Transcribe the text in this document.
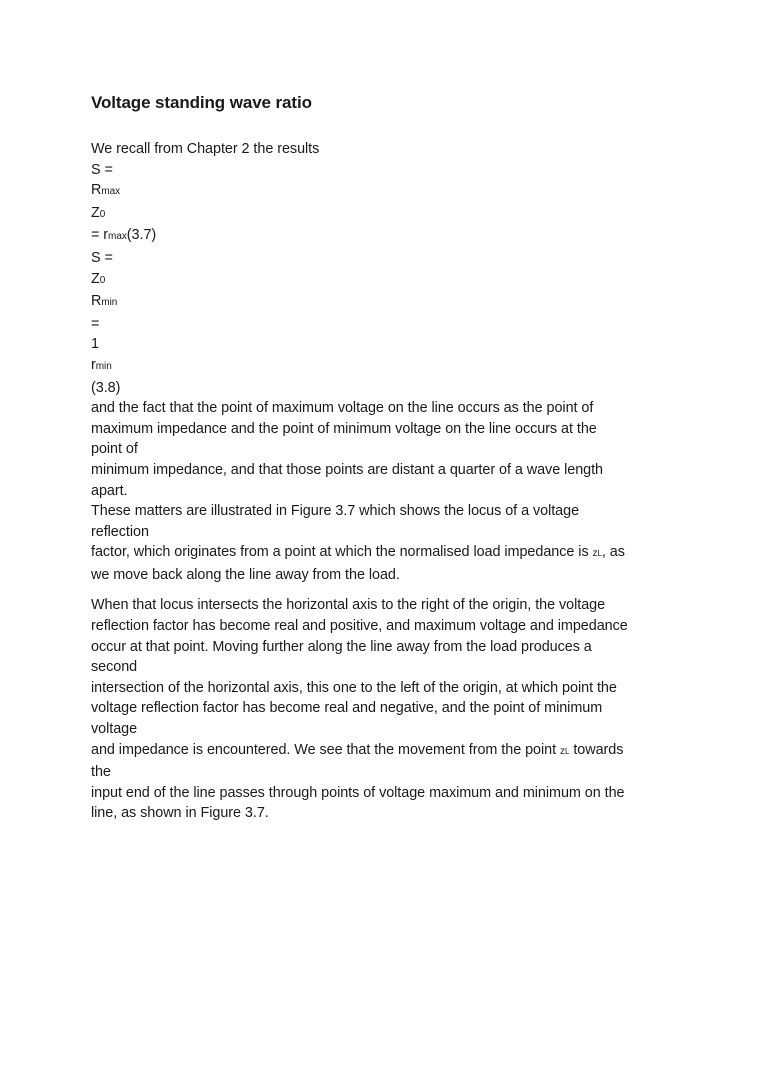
Voltage standing wave ratio

We recall from Chapter 2 the results

S =

Rmax

Z0

= rmax(3.7)

S =

Z0

Rmin

=

1

rmin

(3.8)

and the fact that the point of maximum voltage on the line occurs as the point of

maximum impedance and the point of minimum voltage on the line occurs at the

point of

minimum impedance, and that those points are distant a quarter of a wave length

apart.

These matters are illustrated in Figure 3.7 which shows the locus of a voltage

reflection

factor, which originates from a point at which the normalised load impedance is zL, as

we move back along the line away from the load.

When that locus intersects the horizontal axis to the right of the origin, the voltage

reflection factor has become real and positive, and maximum voltage and impedance

occur at that point. Moving further along the line away from the load produces a

second

intersection of the horizontal axis, this one to the left of the origin, at which point the

voltage reflection factor has become real and negative, and the point of minimum

voltage

and impedance is encountered. We see that the movement from the point zL towards

the

input end of the line passes through points of voltage maximum and minimum on the

line, as shown in Figure 3.7.
